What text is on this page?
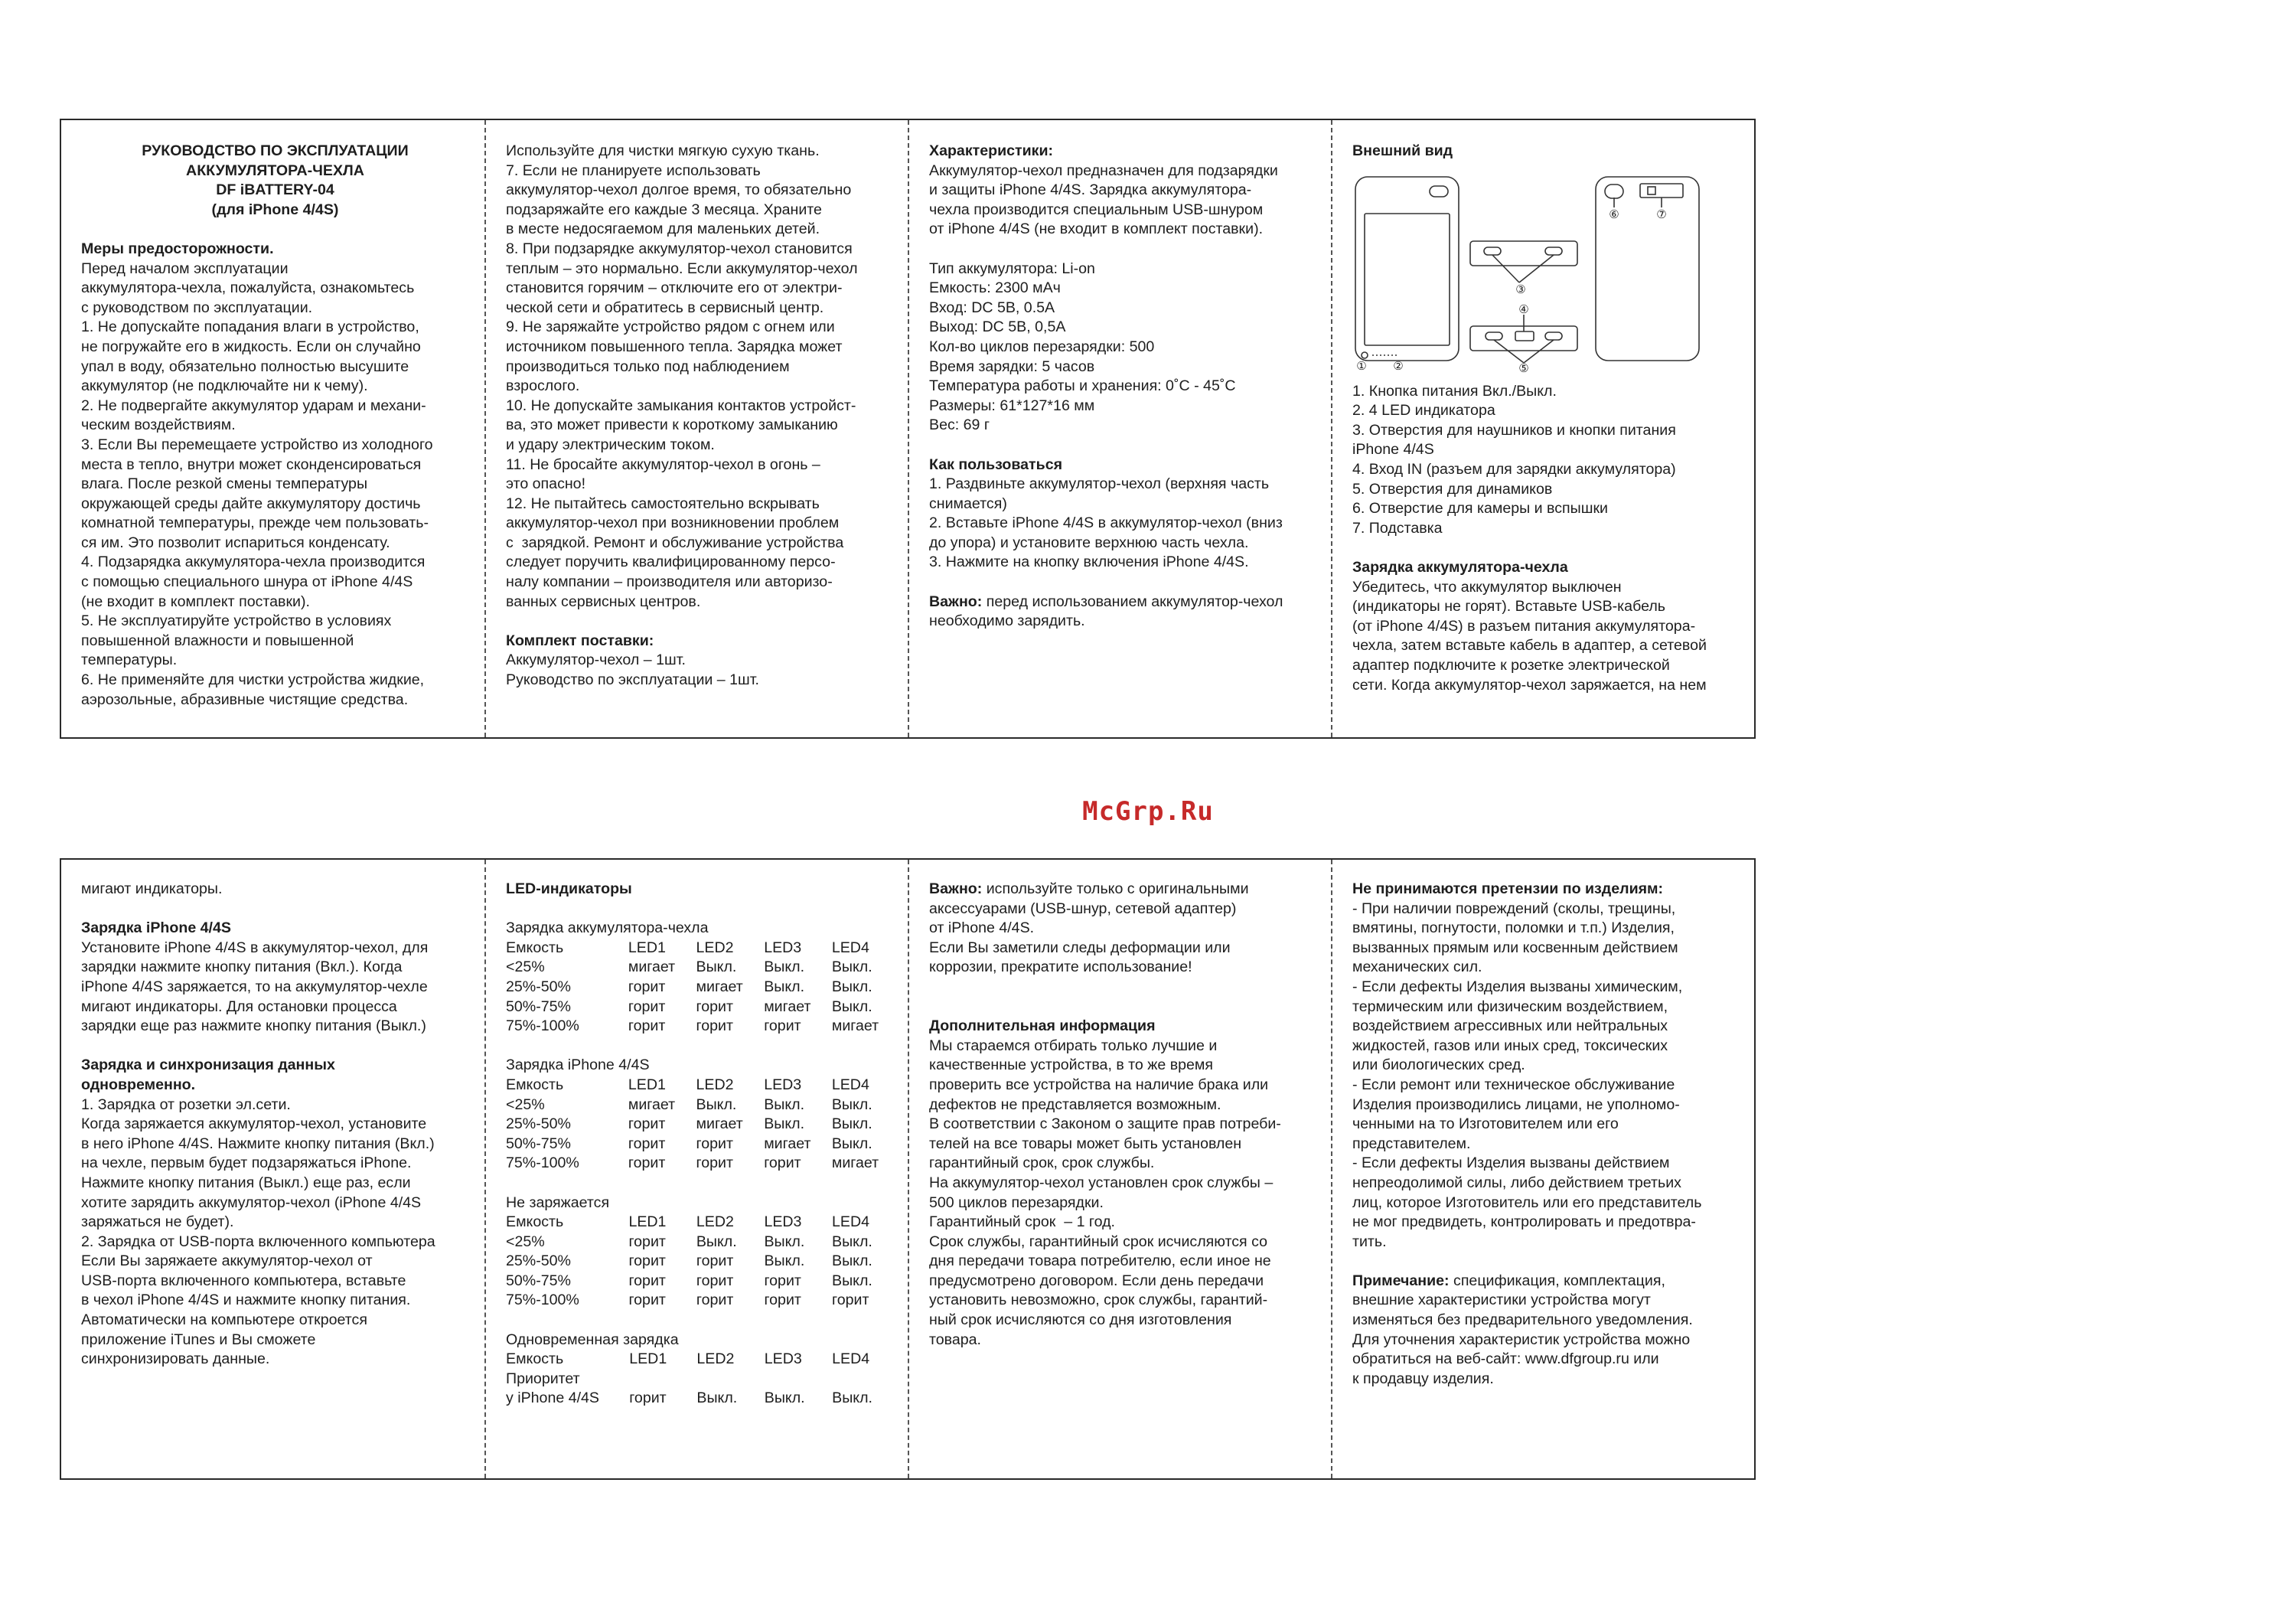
РУКОВОДСТВО ПО ЭКСПЛУАТАЦИИ
АККУМУЛЯТОРА-ЧЕХЛА
DF iBATTERY-04
(для iPhone 4/4S)
Меры предосторожности.
Перед началом эксплуатации
аккумулятора-чехла, пожалуйста, ознакомьтесь
с руководством по эксплуатации.
1. Не допускайте попадания влаги в устройство,
не погружайте его в жидкость. Если он случайно
упал в воду, обязательно полностью высушите
аккумулятор (не подключайте ни к чему).
2. Не подвергайте аккумулятор ударам и механи-
ческим воздействиям.
3. Если Вы перемещаете устройство из холодного
места в тепло, внутри может сконденсироваться
влага. После резкой смены температуры
окружающей среды дайте аккумулятору достичь
комнатной температуры, прежде чем пользовать-
ся им. Это позволит испариться конденсату.
4. Подзарядка аккумулятора-чехла производится
с помощью специального шнура от iPhone 4/4S
(не входит в комплект поставки).
5. Не эксплуатируйте устройство в условиях
повышенной влажности и повышенной
температуры.
6. Не применяйте для чистки устройства жидкие,
аэрозольные, абразивные чистящие средства.
Используйте для чистки мягкую сухую ткань.
7. Если не планируете использовать
аккумулятор-чехол долгое время, то обязательно
подзаряжайте его каждые 3 месяца. Храните
в месте недосягаемом для маленьких детей.
8. При подзарядке аккумулятор-чехол становится
теплым – это нормально. Если аккумулятор-чехол
становится горячим – отключите его от электри-
ческой сети и обратитесь в сервисный центр.
9. Не заряжайте устройство рядом с огнем или
источником повышенного тепла. Зарядка может
производиться только под наблюдением
взрослого.
10. Не допускайте замыкания контактов устройст-
ва, это может привести к короткому замыканию
и удару электрическим током.
11. Не бросайте аккумулятор-чехол в огонь –
это опасно!
12. Не пытайтесь самостоятельно вскрывать
аккумулятор-чехол при возникновении проблем
с  зарядкой. Ремонт и обслуживание устройства
следует поручить квалифицированному персо-
налу компании – производителя или авторизо-
ванных сервисных центров.
Комплект поставки:
Аккумулятор-чехол – 1шт.
Руководство по эксплуатации – 1шт.
Характеристики:
Аккумулятор-чехол предназначен для подзарядки
и защиты iPhone 4/4S. Зарядка аккумулятора-
чехла производится специальным USB-шнуром
от iPhone 4/4S (не входит в комплект поставки).
Тип аккумулятора: Li-on
Емкость: 2300 мАч
Вход: DC 5В, 0.5А
Выход: DC 5В, 0,5А
Кол-во циклов перезарядки: 500
Время зарядки: 5 часов
Температура работы и хранения: 0˚С - 45˚С
Размеры: 61*127*16 мм
Вес: 69 г
Как пользоваться
1. Раздвиньте аккумулятор-чехол (верхняя часть
снимается)
2. Вставьте iPhone 4/4S в аккумулятор-чехол (вниз
до упора) и установите верхнюю часть чехла.
3. Нажмите на кнопку включения iPhone 4/4S.
Важно: перед использованием аккумулятор-чехол
необходимо зарядить.
Внешний вид
① ②
③
④
⑤
⑥	⑦
1. Кнопка питания Вкл./Выкл.
2. 4 LED индикатора
3. Отверстия для наушников и кнопки питания
iPhone 4/4S
4. Вход IN (разъем для зарядки аккумулятора)
5. Отверстия для динамиков
6. Отверстие для камеры и вспышки
7. Подставка
Зарядка аккумулятора-чехла
Убедитесь, что аккумулятор выключен
(индикаторы не горят). Вставьте USB-кабель
(от iPhone 4/4S) в разъем питания аккумулятора-
чехла, затем вставьте кабель в адаптер, а сетевой
адаптер подключите к розетке электрической
сети. Когда аккумулятор-чехол заряжается, на нем
McGrp.Ru
мигают индикаторы.
Зарядка iPhone 4/4S
Установите iPhone 4/4S в аккумулятор-чехол, для
зарядки нажмите кнопку питания (Вкл.). Когда
iPhone 4/4S заряжается, то на аккумулятор-чехле
мигают индикаторы. Для остановки процесса
зарядки еще раз нажмите кнопку питания (Выкл.)
Зарядка и синхронизация данных
одновременно.
1. Зарядка от розетки эл.сети.
Когда заряжается аккумулятор-чехол, установите
в него iPhone 4/4S. Нажмите кнопку питания (Вкл.)
на чехле, первым будет подзаряжаться iPhone.
Нажмите кнопку питания (Выкл.) еще раз, если
хотите зарядить аккумулятор-чехол (iPhone 4/4S
заряжаться не будет).
2. Зарядка от USB-порта включенного компьютера
Если Вы заряжаете аккумулятор-чехол от
USB-порта включенного компьютера, вставьте
в чехол iPhone 4/4S и нажмите кнопку питания.
Автоматически на компьютере откроется
приложение iTunes и Вы сможете
синхронизировать данные.
LED-индикаторы
Зарядка аккумулятора-чехла
Емкость	LED1	LED2	LED3	LED4
<25%	мигает	Выкл.	Выкл.	Выкл.
25%-50%	горит	мигает	Выкл.	Выкл.
50%-75%	горит	горит	мигает	Выкл.
75%-100%	горит	горит	горит	мигает
Зарядка iPhone 4/4S
Емкость	LED1	LED2	LED3	LED4
<25%	мигает	Выкл.	Выкл.	Выкл.
25%-50%	горит	мигает	Выкл.	Выкл.
50%-75%	горит	горит	мигает	Выкл.
75%-100%	горит	горит	горит	мигает
Не заряжается
Емкость	LED1	LED2	LED3	LED4
<25%	горит	Выкл.	Выкл.	Выкл.
25%-50%	горит	горит	Выкл.	Выкл.
50%-75%	горит	горит	горит	Выкл.
75%-100%	горит	горит	горит	горит
Одновременная зарядка
Емкость	LED1	LED2	LED3	LED4
Приоритет				
у iPhone 4/4S	горит	Выкл.	Выкл.	Выкл.
Важно: используйте только с оригинальными
аксессуарами (USB-шнур, сетевой адаптер)
от iPhone 4/4S.
Если Вы заметили следы деформации или
коррозии, прекратите использование!
Дополнительная информация
Мы стараемся отбирать только лучшие и
качественные устройства, в то же время
проверить все устройства на наличие брака или
дефектов не представляется возможным.
В соответствии с Законом о защите прав потреби-
телей на все товары может быть установлен
гарантийный срок, срок службы.
На аккумулятор-чехол установлен срок службы –
500 циклов перезарядки.
Гарантийный срок  – 1 год.
Срок службы, гарантийный срок исчисляются со
дня передачи товара потребителю, если иное не
предусмотрено договором. Если день передачи
установить невозможно, срок службы, гарантий-
ный срок исчисляются со дня изготовления
товара.
Не принимаются претензии по изделиям:
- При наличии повреждений (сколы, трещины,
вмятины, погнутости, поломки и т.п.) Изделия,
вызванных прямым или косвенным действием
механических сил.
- Если дефекты Изделия вызваны химическим,
термическим или физическим воздействием,
воздействием агрессивных или нейтральных
жидкостей, газов или иных сред, токсических
или биологических сред.
- Если ремонт или техническое обслуживание
Изделия производились лицами, не уполномо-
ченными на то Изготовителем или его
представителем.
- Если дефекты Изделия вызваны действием
непреодолимой силы, либо действием третьих
лиц, которое Изготовитель или его представитель
не мог предвидеть, контролировать и предотвра-
тить.
Примечание: спецификация, комплектация,
внешние характеристики устройства могут
изменяться без предварительного уведомления.
Для уточнения характеристик устройства можно
обратиться на веб-сайт: www.dfgroup.ru или
к продавцу изделия.
